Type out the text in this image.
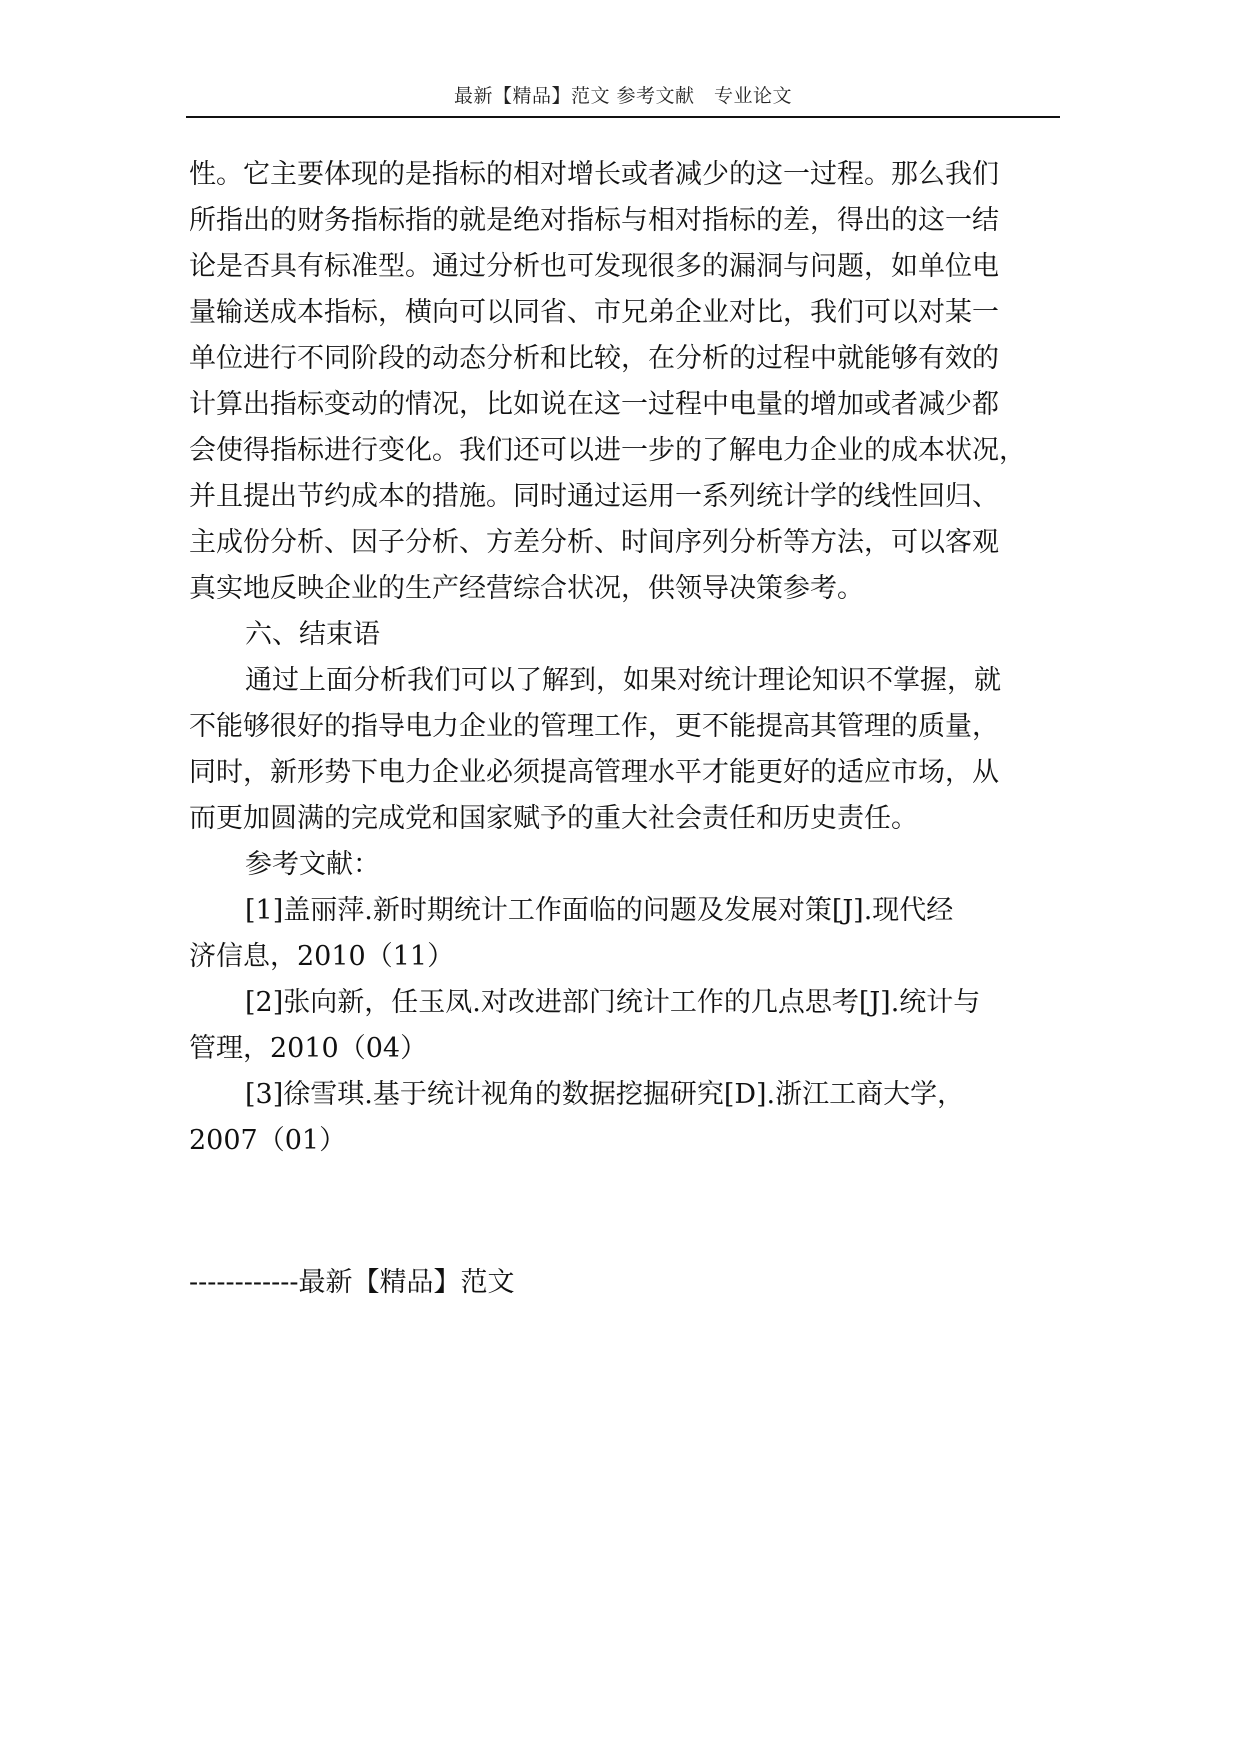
最新【精品】范文 参考文献　专业论文
性。它主要体现的是指标的相对增长或者减少的这一过程。那么我们
所指出的财务指标指的就是绝对指标与相对指标的差，得出的这一结
论是否具有标准型。通过分析也可发现很多的漏洞与问题，如单位电
量输送成本指标，横向可以同省、市兄弟企业对比，我们可以对某一
单位进行不同阶段的动态分析和比较，在分析的过程中就能够有效的
计算出指标变动的情况，比如说在这一过程中电量的增加或者减少都
会使得指标进行变化。我们还可以进一步的了解电力企业的成本状况，
并且提出节约成本的措施。同时通过运用一系列统计学的线性回归、
主成份分析、因子分析、方差分析、时间序列分析等方法，可以客观
真实地反映企业的生产经营综合状况，供领导决策参考。
六、结束语
通过上面分析我们可以了解到，如果对统计理论知识不掌握，就
不能够很好的指导电力企业的管理工作，更不能提高其管理的质量，
同时，新形势下电力企业必须提高管理水平才能更好的适应市场，从
而更加圆满的完成党和国家赋予的重大社会责任和历史责任。
参考文献：
[1]盖丽萍.新时期统计工作面临的问题及发展对策[J].现代经
济信息，2010（11）
[2]张向新，任玉凤.对改进部门统计工作的几点思考[J].统计与
管理，2010（04）
[3]徐雪琪.基于统计视角的数据挖掘研究[D].浙江工商大学，
2007（01）
------------最新【精品】范文
